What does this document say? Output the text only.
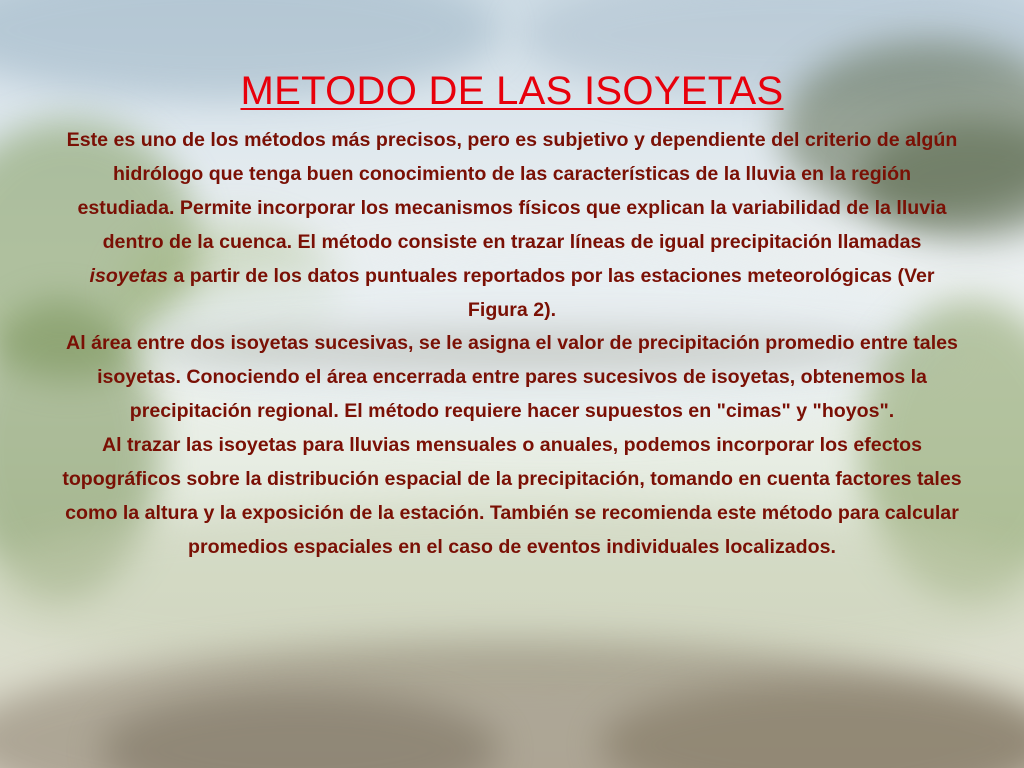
METODO DE LAS ISOYETAS

Este es uno de los métodos más precisos, pero es subjetivo y dependiente del criterio de algún hidrólogo que tenga buen conocimiento de las características de la lluvia en la región estudiada. Permite incorporar los mecanismos físicos que explican la variabilidad de la lluvia dentro de la cuenca. El método consiste en trazar líneas de igual precipitación llamadas isoyetas a partir de los datos puntuales reportados por las estaciones meteorológicas (Ver Figura 2).

Al área entre dos isoyetas sucesivas, se le asigna el valor de precipitación promedio entre tales isoyetas. Conociendo el área encerrada entre pares sucesivos de isoyetas, obtenemos la precipitación regional. El método requiere hacer supuestos en "cimas" y "hoyos".

Al trazar las isoyetas para lluvias mensuales o anuales, podemos incorporar los efectos topográficos sobre la distribución espacial de la precipitación, tomando en cuenta factores tales como la altura y la exposición de la estación. También se recomienda este método para calcular promedios espaciales en el caso de eventos individuales localizados.
